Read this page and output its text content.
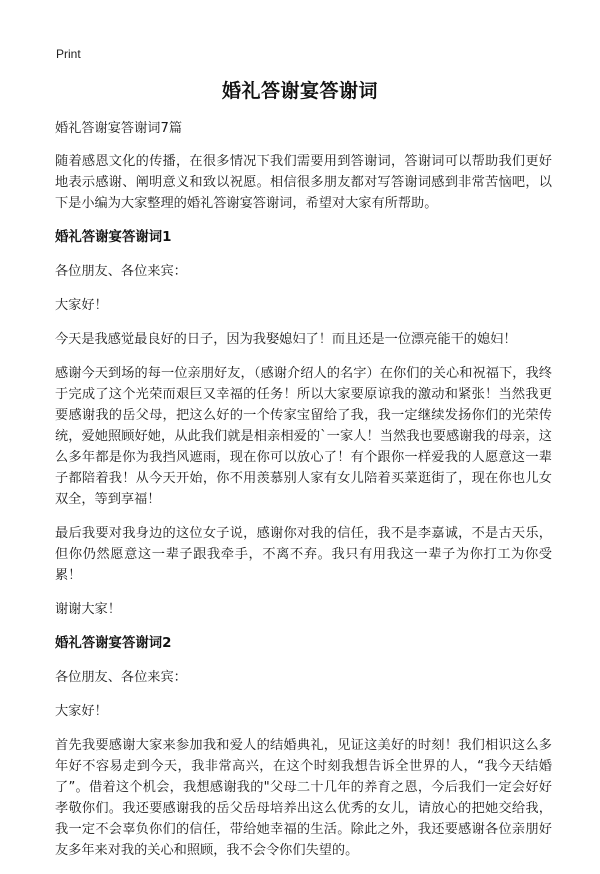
Print
婚礼答谢宴答谢词

婚礼答谢宴答谢词7篇

随着感恩文化的传播，在很多情况下我们需要用到答谢词，答谢词可以帮助我们更好地表示感谢、阐明意义和致以祝愿。相信很多朋友都对写答谢词感到非常苦恼吧，以下是小编为大家整理的婚礼答谢宴答谢词，希望对大家有所帮助。

婚礼答谢宴答谢词1

各位朋友、各位来宾：

大家好！

今天是我感觉最良好的日子，因为我娶媳妇了！而且还是一位漂亮能干的媳妇！

感谢今天到场的每一位亲朋好友，（感谢介绍人的名字）在你们的关心和祝福下，我终于完成了这个光荣而艰巨又幸福的任务！所以大家要原谅我的激动和紧张！当然我更要感谢我的岳父母，把这么好的一个传家宝留给了我，我一定继续发扬你们的光荣传统，爱她照顾好她，从此我们就是相亲相爱的`一家人！当然我也要感谢我的母亲，这么多年都是你为我挡风遮雨，现在你可以放心了！有个跟你一样爱我的人愿意这一辈子都陪着我！从今天开始，你不用羡慕别人家有女儿陪着买菜逛街了，现在你也儿女双全，等到享福！

最后我要对我身边的这位女子说，感谢你对我的信任，我不是李嘉诚，不是古天乐，但你仍然愿意这一辈子跟我牵手，不离不弃。我只有用我这一辈子为你打工为你受累！

谢谢大家！

婚礼答谢宴答谢词2

各位朋友、各位来宾：

大家好！

首先我要感谢大家来参加我和爱人的结婚典礼，见证这美好的时刻！我们相识这么多年好不容易走到今天，我非常高兴，在这个时刻我想告诉全世界的人，“我今天结婚了”。借着这个机会，我想感谢我的"父母二十几年的养育之恩，今后我们一定会好好孝敬你们。我还要感谢我的岳父岳母培养出这么优秀的女儿，请放心的把她交给我，我一定不会辜负你们的信任，带给她幸福的生活。除此之外，我还要感谢各位亲朋好友多年来对我的关心和照顾，我不会令你们失望的。
